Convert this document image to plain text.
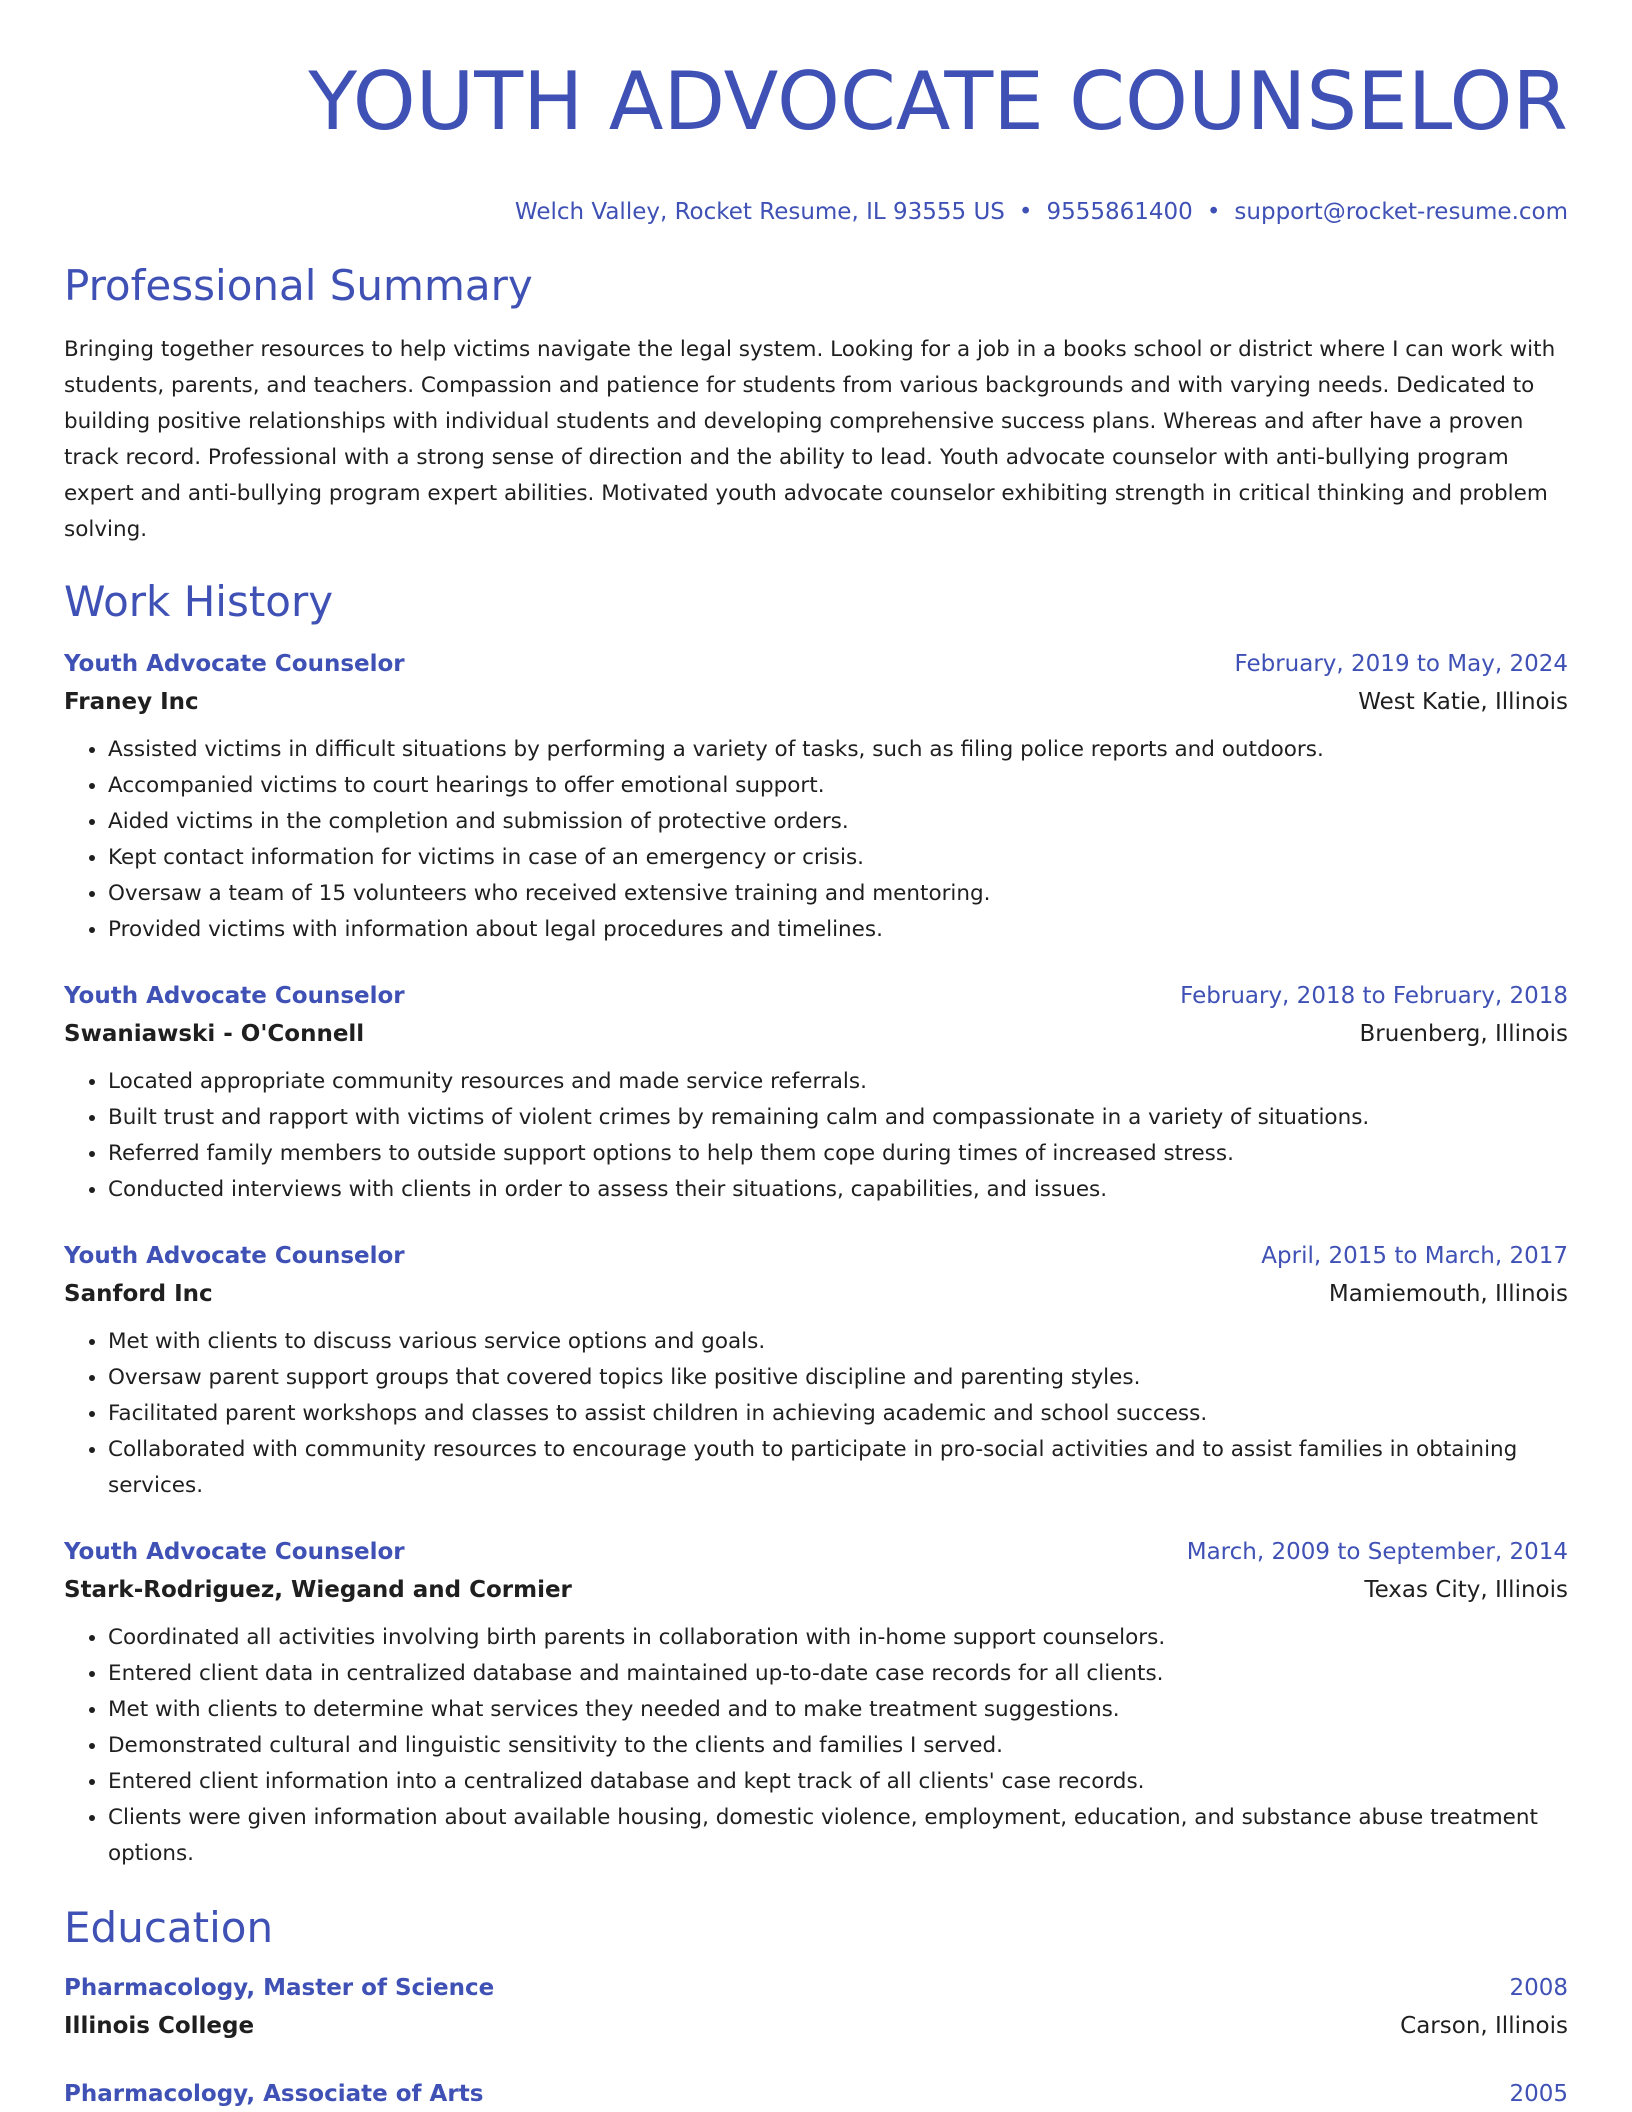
YOUTH ADVOCATE COUNSELOR
Welch Valley, Rocket Resume, IL 93555 US • 9555861400 • support@rocket-resume.com
Professional Summary
Bringing together resources to help victims navigate the legal system. Looking for a job in a books school or district where I can work with students, parents, and teachers. Compassion and patience for students from various backgrounds and with varying needs. Dedicated to building positive relationships with individual students and developing comprehensive success plans. Whereas and after have a proven track record. Professional with a strong sense of direction and the ability to lead. Youth advocate counselor with anti-bullying program expert and anti-bullying program expert abilities. Motivated youth advocate counselor exhibiting strength in critical thinking and problem solving.
Work History
Youth Advocate Counselor	February, 2019 to May, 2024
Franey Inc	West Katie, Illinois
• Assisted victims in difficult situations by performing a variety of tasks, such as filing police reports and outdoors.
• Accompanied victims to court hearings to offer emotional support.
• Aided victims in the completion and submission of protective orders.
• Kept contact information for victims in case of an emergency or crisis.
• Oversaw a team of 15 volunteers who received extensive training and mentoring.
• Provided victims with information about legal procedures and timelines.
Youth Advocate Counselor	February, 2018 to February, 2018
Swaniawski - O'Connell	Bruenberg, Illinois
• Located appropriate community resources and made service referrals.
• Built trust and rapport with victims of violent crimes by remaining calm and compassionate in a variety of situations.
• Referred family members to outside support options to help them cope during times of increased stress.
• Conducted interviews with clients in order to assess their situations, capabilities, and issues.
Youth Advocate Counselor	April, 2015 to March, 2017
Sanford Inc	Mamiemouth, Illinois
• Met with clients to discuss various service options and goals.
• Oversaw parent support groups that covered topics like positive discipline and parenting styles.
• Facilitated parent workshops and classes to assist children in achieving academic and school success.
• Collaborated with community resources to encourage youth to participate in pro-social activities and to assist families in obtaining services.
Youth Advocate Counselor	March, 2009 to September, 2014
Stark-Rodriguez, Wiegand and Cormier	Texas City, Illinois
• Coordinated all activities involving birth parents in collaboration with in-home support counselors.
• Entered client data in centralized database and maintained up-to-date case records for all clients.
• Met with clients to determine what services they needed and to make treatment suggestions.
• Demonstrated cultural and linguistic sensitivity to the clients and families I served.
• Entered client information into a centralized database and kept track of all clients' case records.
• Clients were given information about available housing, domestic violence, employment, education, and substance abuse treatment options.
Education
Pharmacology, Master of Science	2008
Illinois College	Carson, Illinois
Pharmacology, Associate of Arts	2005
